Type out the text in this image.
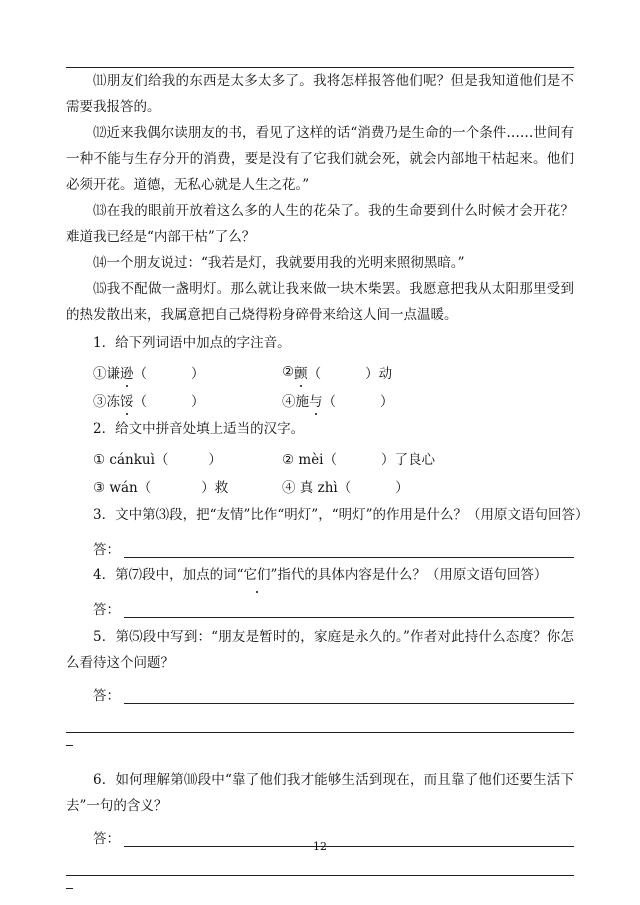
⑾朋友们给我的东西是太多太多了。我将怎样报答他们呢？但是我知道他们是不需要我报答的。

⑿近来我偶尔读朋友的书，看见了这样的话“消费乃是生命的一个条件……世间有一种不能与生存分开的消费，要是没有了它我们就会死，就会内部地干枯起来。他们必须开花。道德，无私心就是人生之花。”

⒀在我的眼前开放着这么多的人生的花朵了。我的生命要到什么时候才会开花？难道我已经是“内部干枯”了么？

⒁一个朋友说过：“我若是灯，我就要用我的光明来照彻黑暗。”

⒂我不配做一盏明灯。那么就让我来做一块木柴罢。我愿意把我从太阳那里受到的热发散出来，我属意把自己烧得粉身碎骨来给这人间一点温暖。

1．给下列词语中加点的字注音。
①谦 逊 （	）	② 颤 （	）动
③冻 馁 （	）	④施 与 （	）
2．给文中拼音处填上适当的汉字。
① cánkuì（	）	② mèi（	）了良心
③ wán（	）救	④ 真 zhì（	）
3．文中第⑶段，把“友情”比作“明灯”，“明灯”的作用是什么？（用原文语句回答）
答：
4．第⑺段中，加点的词“ 它们 ”指代的具体内容是什么？（用原文语句回答）
答：

5．第⑸段中写到：“朋友是暂时的，家庭是永久的。”作者对此持什么态度？你怎么看待这个问题？

答：

6．如何理解第⑽段中“靠了他们我才能够生活到现在，而且靠了他们还要生活下去”一句的含义？

答：	12
